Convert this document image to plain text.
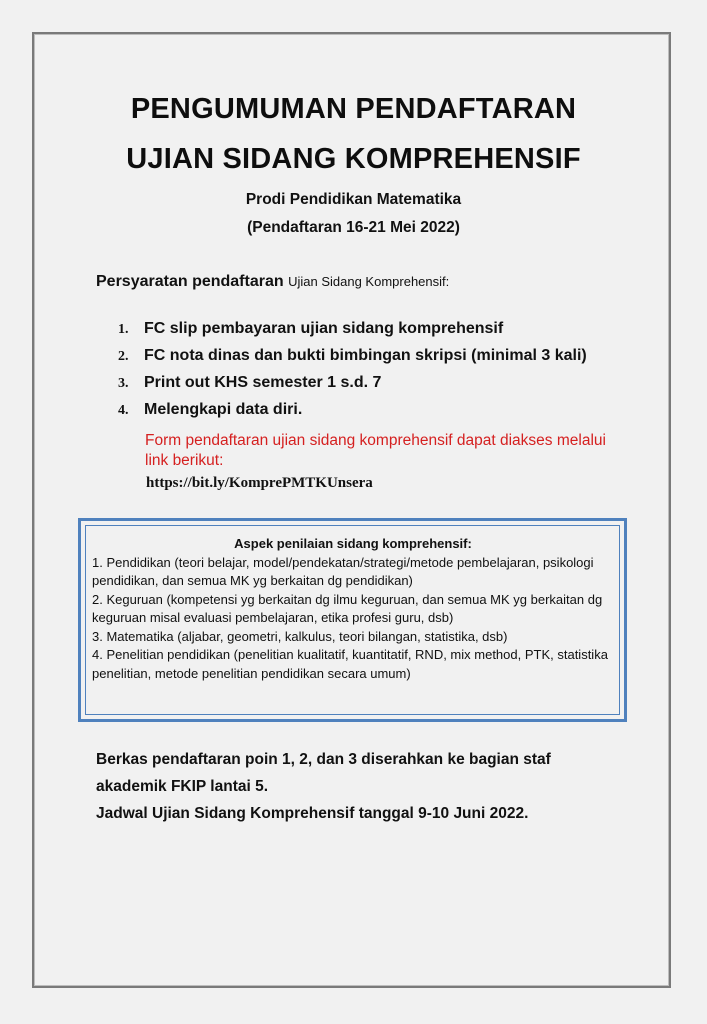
PENGUMUMAN PENDAFTARAN
UJIAN SIDANG KOMPREHENSIF
Prodi Pendidikan Matematika
(Pendaftaran 16-21 Mei 2022)
Persyaratan pendaftaran Ujian Sidang Komprehensif:
1. FC slip pembayaran ujian sidang komprehensif
2. FC nota dinas dan bukti bimbingan skripsi (minimal 3 kali)
3. Print out KHS semester 1 s.d. 7
4. Melengkapi data diri.
Form pendaftaran ujian sidang komprehensif dapat diakses melalui link berikut:
https://bit.ly/KomprePMTKUnsera
Aspek penilaian sidang komprehensif:

1. Pendidikan (teori belajar, model/pendekatan/strategi/metode pembelajaran, psikologi pendidikan, dan semua MK yg berkaitan dg pendidikan)

2. Keguruan (kompetensi yg berkaitan dg ilmu keguruan, dan semua MK yg berkaitan dg keguruan misal evaluasi pembelajaran, etika profesi guru, dsb)

3. Matematika (aljabar, geometri, kalkulus, teori bilangan, statistika, dsb)

4. Penelitian pendidikan (penelitian kualitatif, kuantitatif, RND, mix method, PTK, statistika penelitian, metode penelitian pendidikan secara umum)

Berkas pendaftaran poin 1, 2, dan 3 diserahkan ke bagian staf akademik FKIP lantai 5.
Jadwal Ujian Sidang Komprehensif tanggal 9-10 Juni 2022.
